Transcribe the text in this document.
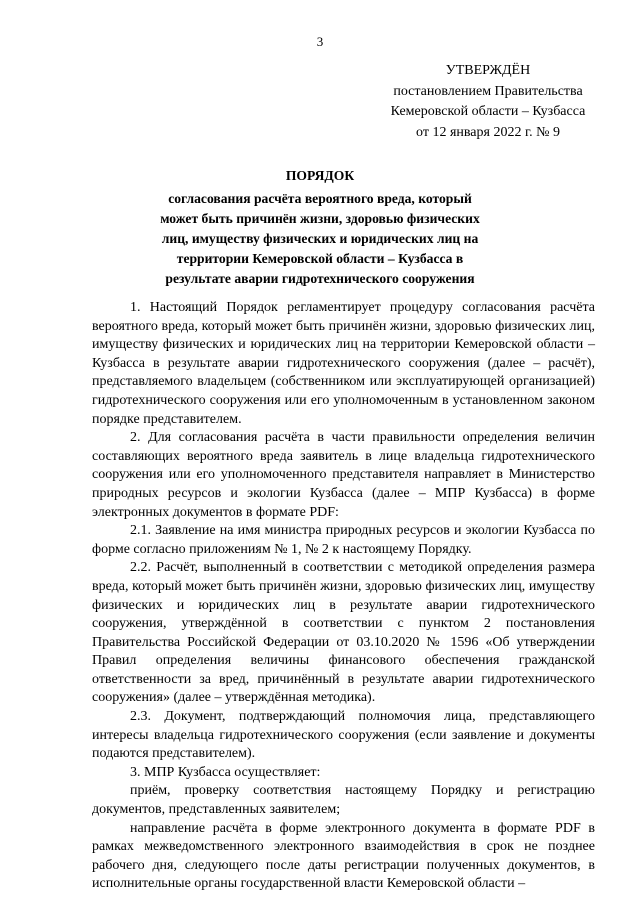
3
УТВЕРЖДЁН
постановлением Правительства
Кемеровской области – Кузбасса
от 12 января 2022 г. № 9
ПОРЯДОК
согласования расчёта вероятного вреда, который
может быть причинён жизни, здоровью физических
лиц, имуществу физических и юридических лиц на
территории Кемеровской области – Кузбасса в
результате аварии гидротехнического сооружения

1. Настоящий Порядок регламентирует процедуру согласования расчёта вероятного вреда, который может быть причинён жизни, здоровью физических лиц, имуществу физических и юридических лиц на территории Кемеровской области – Кузбасса в результате аварии гидротехнического сооружения (далее – расчёт), представляемого владельцем (собственником или эксплуатирующей организацией) гидротехнического сооружения или его уполномоченным в установленном законом порядке представителем.

2. Для согласования расчёта в части правильности определения величин составляющих вероятного вреда заявитель в лице владельца гидротехнического сооружения или его уполномоченного представителя направляет в Министерство природных ресурсов и экологии Кузбасса (далее – МПР Кузбасса) в форме электронных документов в формате PDF:

2.1. Заявление на имя министра природных ресурсов и экологии Кузбасса по форме согласно приложениям № 1, № 2 к настоящему Порядку.

2.2. Расчёт, выполненный в соответствии с методикой определения размера вреда, который может быть причинён жизни, здоровью физических лиц, имуществу физических и юридических лиц в результате аварии гидротехнического сооружения, утверждённой в соответствии с пунктом 2 постановления Правительства Российской Федерации от 03.10.2020 № 1596 «Об утверждении Правил определения величины финансового обеспечения гражданской ответственности за вред, причинённый в результате аварии гидротехнического сооружения» (далее – утверждённая методика).

2.3. Документ, подтверждающий полномочия лица, представляющего интересы владельца гидротехнического сооружения (если заявление и документы подаются представителем).

3. МПР Кузбасса осуществляет:

приём, проверку соответствия настоящему Порядку и регистрацию документов, представленных заявителем;

направление расчёта в форме электронного документа в формате PDF в рамках межведомственного электронного взаимодействия в срок не позднее рабочего дня, следующего после даты регистрации полученных документов, в исполнительные органы государственной власти Кемеровской области –
